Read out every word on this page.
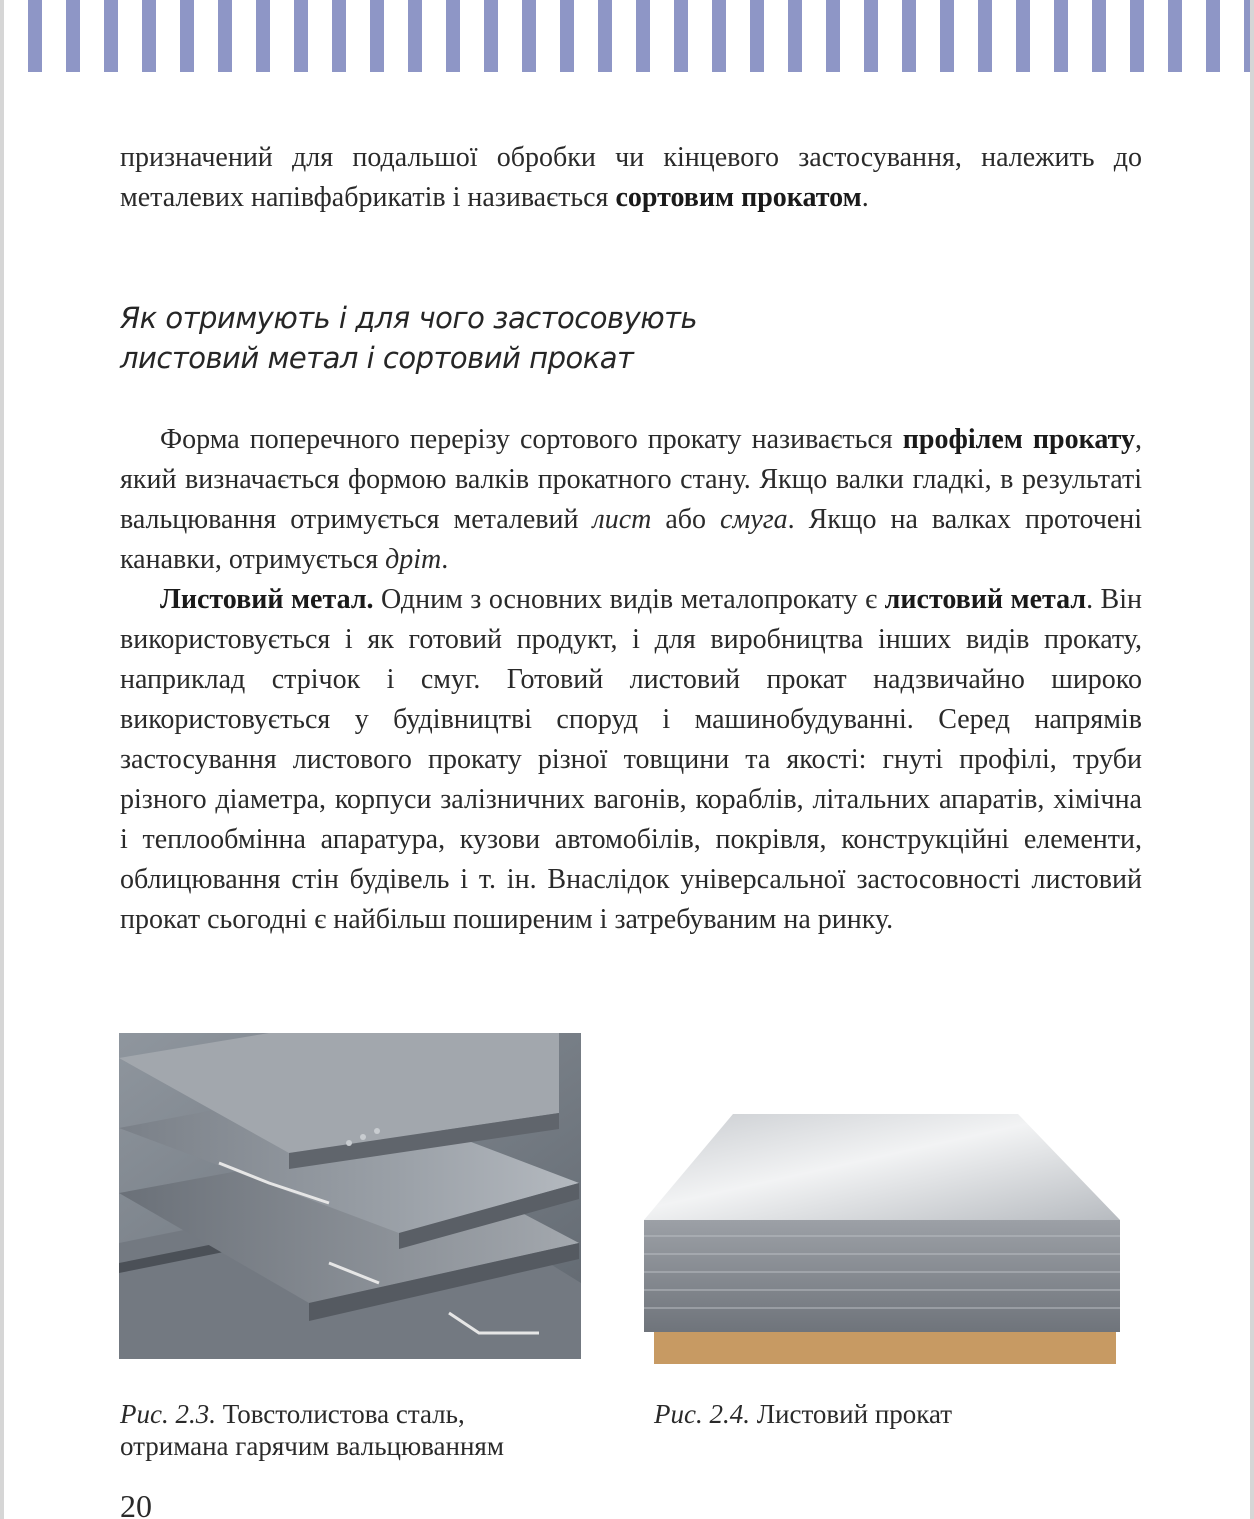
призначений для подальшої обробки чи кінцевого застосування, належить до металевих напівфабрикатів і називається сортовим прокатом.

Як отримують і для чого застосовують
листовий метал і сортовий прокат

Форма поперечного перерізу сортового прокату називається профілем прокату, який визначається формою валків прокатного стану. Якщо валки гладкі, в результаті вальцювання отримується металевий лист або смуга. Якщо на валках проточені канавки, отримується дріт.

Листовий метал. Одним з основних видів металопрокату є листовий метал. Він використовується і як готовий продукт, і для виробництва інших видів прокату, наприклад стрічок і смуг. Готовий листовий прокат надзвичайно широко використовується у будівництві споруд і машинобудуванні. Серед напрямів застосування листового прокату різної товщини та якості: гнуті профілі, труби різного діаметра, корпуси залізничних вагонів, кораблів, літальних апаратів, хімічна і теплообмінна апаратура, кузови автомобілів, покрівля, конструкційні елементи, облицювання стін будівель і т. ін. Внаслідок універсальної застосовності листовий прокат сьогодні є найбільш поширеним і затребуваним на ринку.

Рис. 2.3. Товстолистова сталь,
отримана гарячим вальцюванням
Рис. 2.4. Листовий прокат
20
